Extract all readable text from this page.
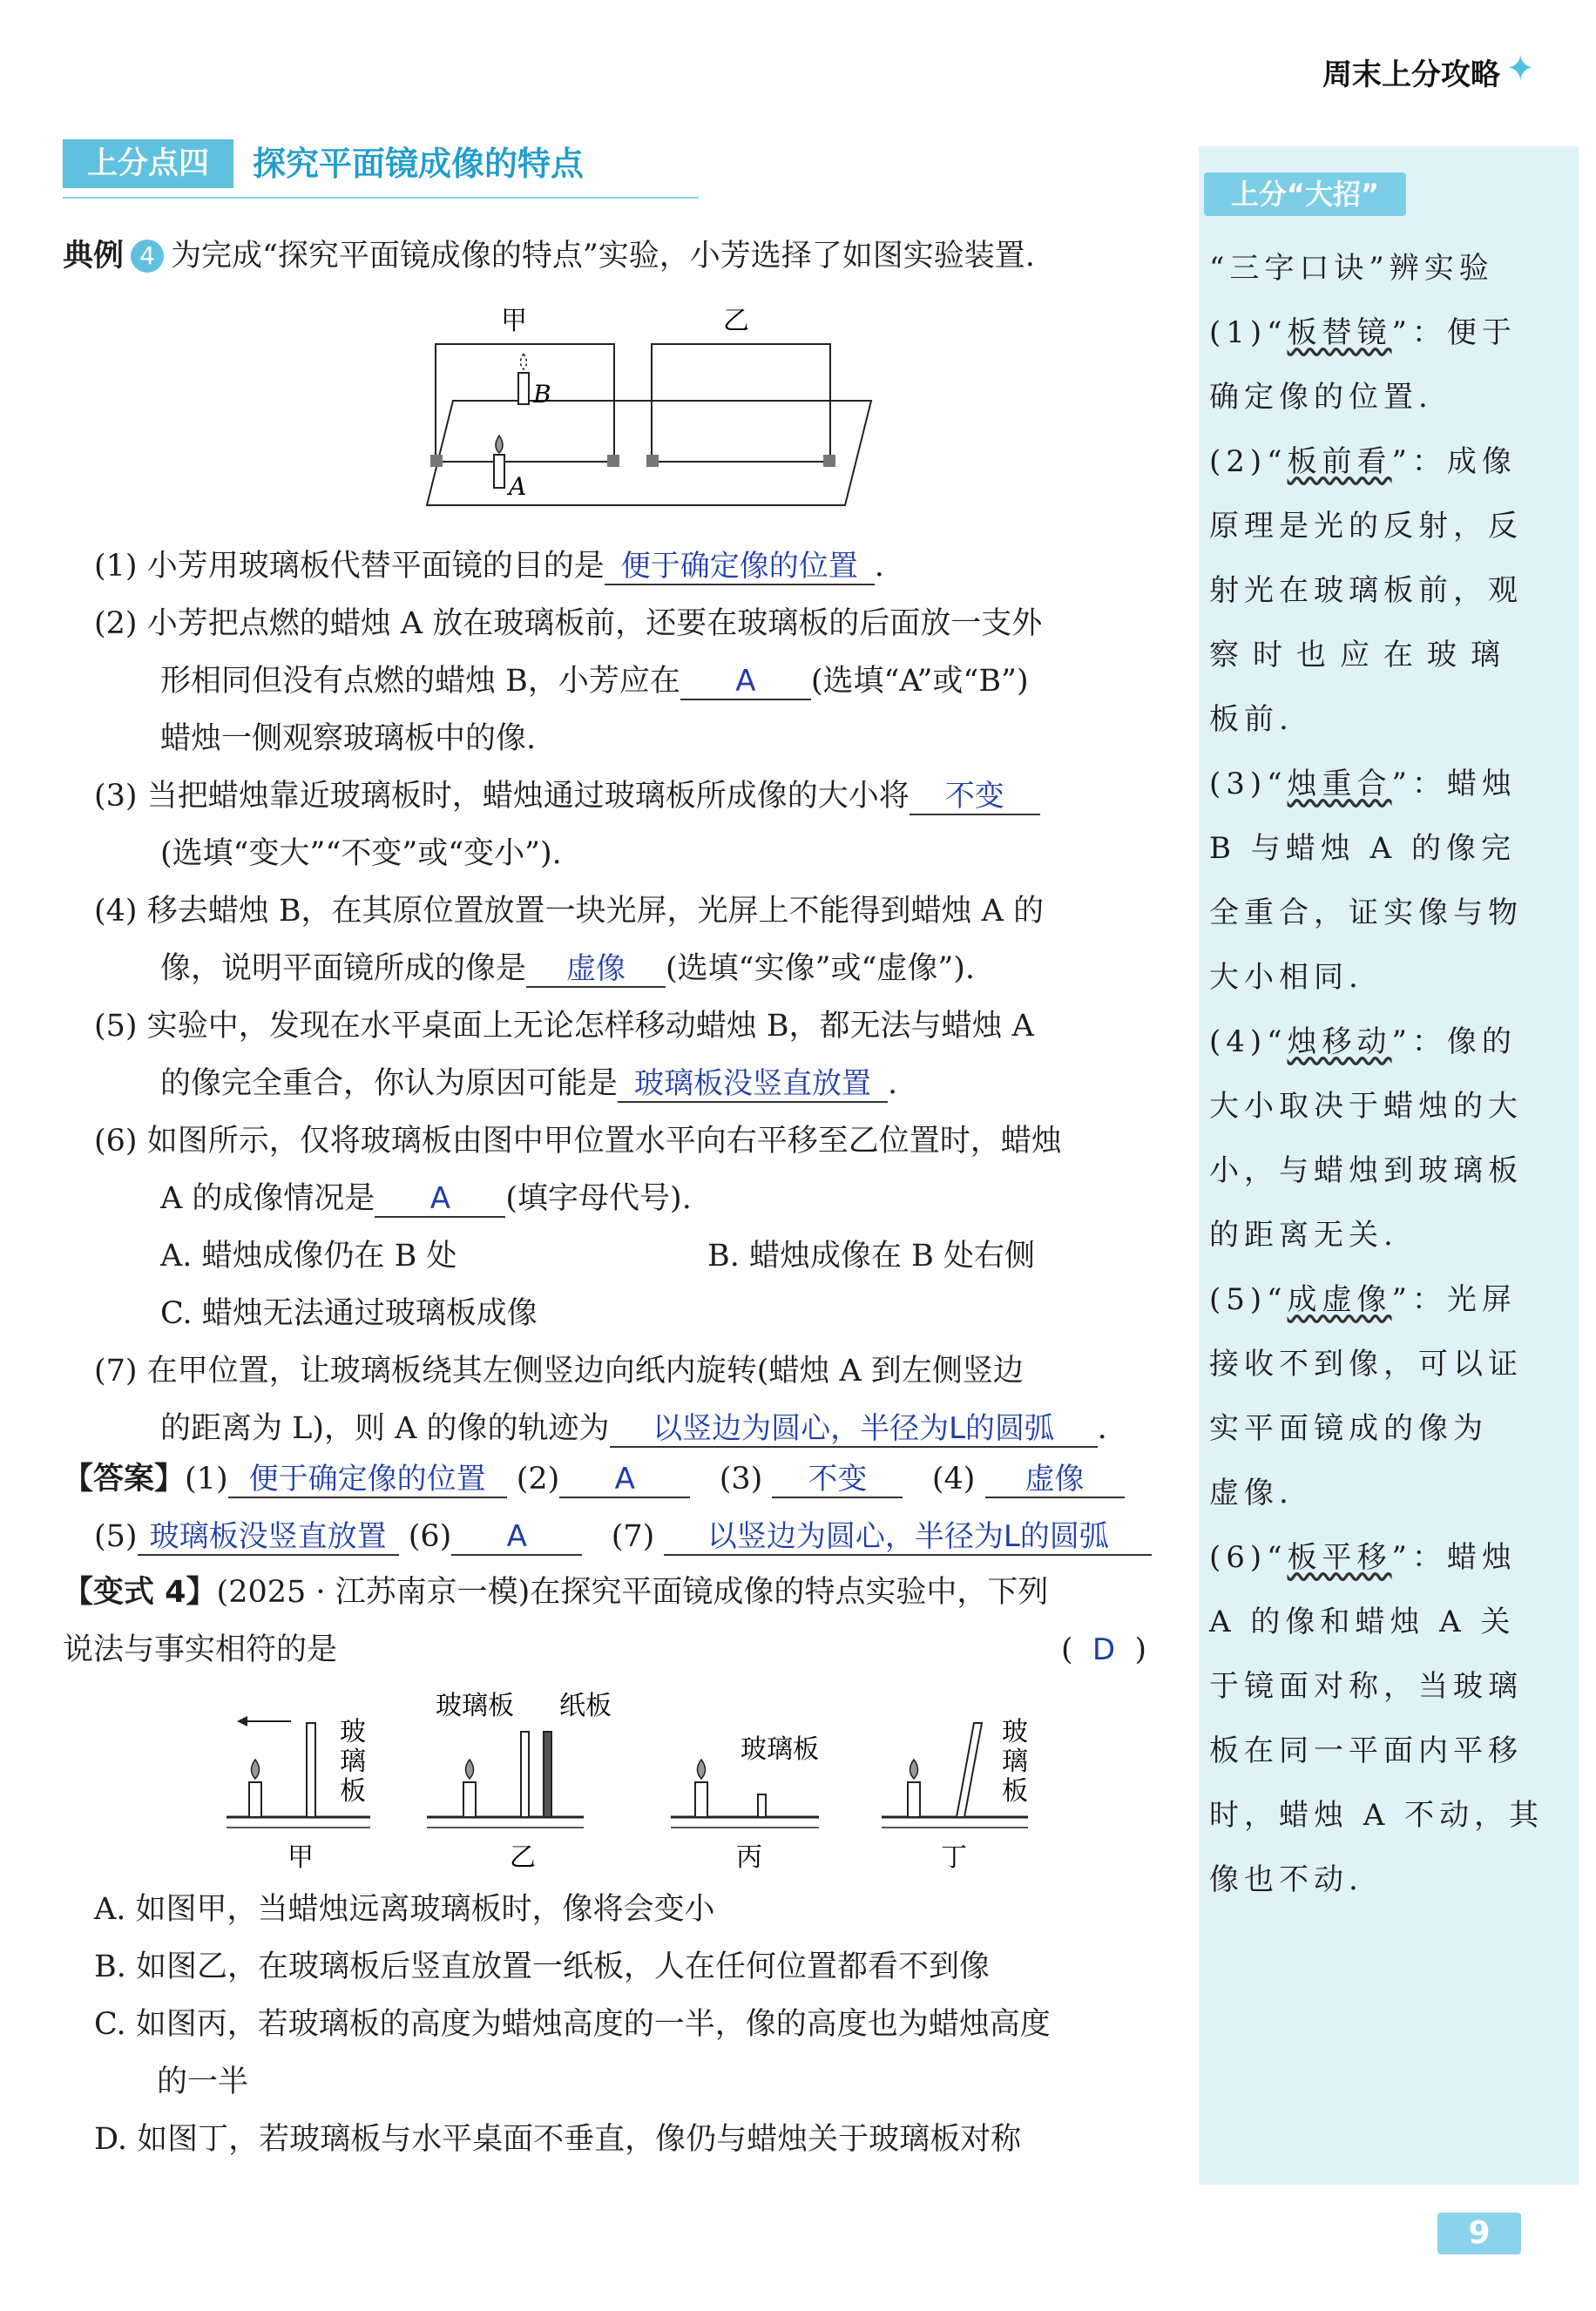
周末上分攻略 ✦
上分点四	探究平面镜成像的特点
典例 4 为完成“探究平面镜成像的特点”实验，小芳选择了如图实验装置.
甲	乙
A
B
(1) 小芳用玻璃板代替平面镜的目的是 便于确定像的位置 .
(2) 小芳把点燃的蜡烛 A 放在玻璃板前，还要在玻璃板的后面放一支外
形相同但没有点燃的蜡烛 B，小芳应在 A (选填“A”或“B”)
蜡烛一侧观察玻璃板中的像.
(3) 当把蜡烛靠近玻璃板时，蜡烛通过玻璃板所成像的大小将 不变
(选填“变大”“不变”或“变小”).
(4) 移去蜡烛 B，在其原位置放置一块光屏，光屏上不能得到蜡烛 A 的
像，说明平面镜所成的像是 虚像 (选填“实像”或“虚像”).
(5) 实验中，发现在水平桌面上无论怎样移动蜡烛 B，都无法与蜡烛 A
的像完全重合，你认为原因可能是 玻璃板没竖直放置 .
(6) 如图所示，仅将玻璃板由图中甲位置水平向右平移至乙位置时，蜡烛
A 的成像情况是 A (填字母代号).
A. 蜡烛成像仍在 B 处	B. 蜡烛成像在 B 处右侧
C. 蜡烛无法通过玻璃板成像
(7) 在甲位置，让玻璃板绕其左侧竖边向纸内旋转(蜡烛 A 到左侧竖边
的距离为 L)，则 A 的像的轨迹为 以竖边为圆心，半径为L的圆弧 .
【答案】(1) 便于确定像的位置 (2) A	(3) 不变 (4) 虚像
(5) 玻璃板没竖直放置 (6) A	(7) 以竖边为圆心，半径为L的圆弧
【变式 4】(2025 · 江苏南京一模)在探究平面镜成像的特点实验中，下列
说法与事实相符的是	( D )
玻
璃
板
甲
玻璃板 纸板
乙
玻璃板
丙
玻
璃
板
丁
A. 如图甲，当蜡烛远离玻璃板时，像将会变小
B. 如图乙，在玻璃板后竖直放置一纸板，人在任何位置都看不到像
C. 如图丙，若玻璃板的高度为蜡烛高度的一半，像的高度也为蜡烛高度
的一半
D. 如图丁，若玻璃板与水平桌面不垂直，像仍与蜡烛关于玻璃板对称
上分“大招”
“三字口诀”辨实验
(1)“板替镜”：便于
确定像的位置.
(2)“板前看”：成像
原理是光的反射，反
射光在玻璃板前，观
察时也应在玻璃
板前.
(3)“烛重合”：蜡烛
B 与蜡烛 A 的像完
全重合，证实像与物
大小相同.
(4)“烛移动”：像的
大小取决于蜡烛的大
小，与蜡烛到玻璃板
的距离无关.
(5)“成虚像”：光屏
接收不到像，可以证
实平面镜成的像为
虚像.
(6)“板平移”：蜡烛
A 的像和蜡烛 A 关
于镜面对称，当玻璃
板在同一平面内平移
时，蜡烛 A 不动，其
像也不动.
9
